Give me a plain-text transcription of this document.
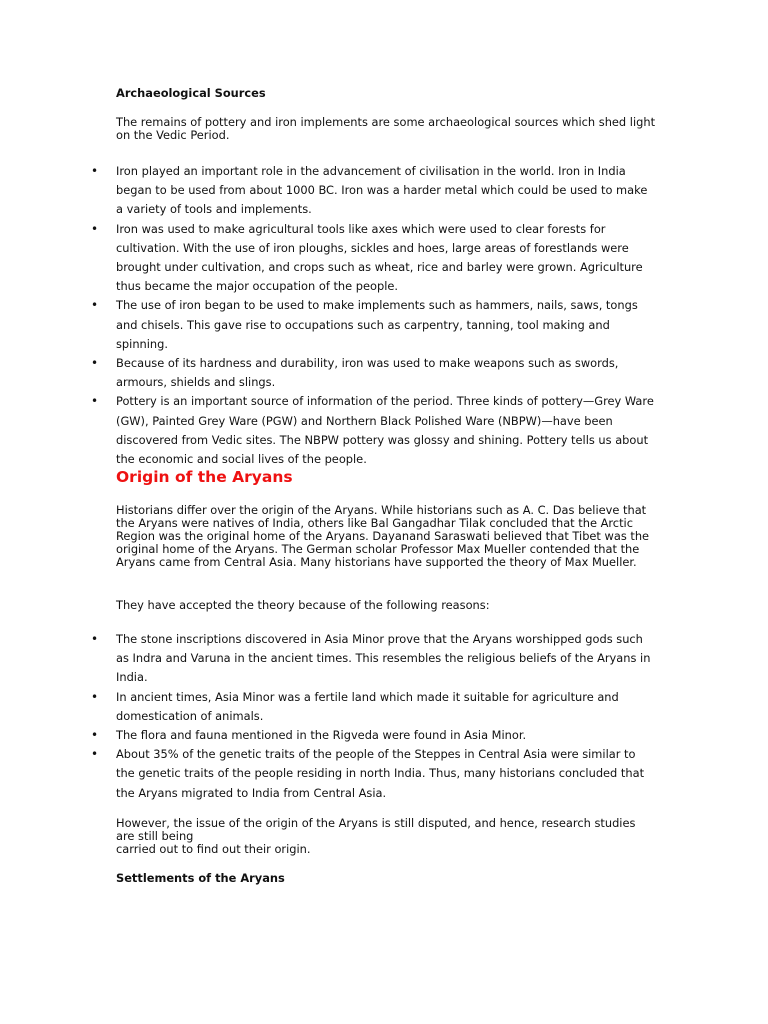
Archaeological Sources
The remains of pottery and iron implements are some archaeological sources which shed light on the Vedic Period.
• Iron played an important role in the advancement of civilisation in the world. Iron in India began to be used from about 1000 BC. Iron was a harder metal which could be used to make a variety of tools and implements.
• Iron was used to make agricultural tools like axes which were used to clear forests for cultivation. With the use of iron ploughs, sickles and hoes, large areas of forestlands were brought under cultivation, and crops such as wheat, rice and barley were grown. Agriculture thus became the major occupation of the people.
• The use of iron began to be used to make implements such as hammers, nails, saws, tongs and chisels. This gave rise to occupations such as carpentry, tanning, tool making and spinning.
• Because of its hardness and durability, iron was used to make weapons such as swords, armours, shields and slings.
• Pottery is an important source of information of the period. Three kinds of pottery—Grey Ware (GW), Painted Grey Ware (PGW) and Northern Black Polished Ware (NBPW)—have been discovered from Vedic sites. The NBPW pottery was glossy and shining. Pottery tells us about the economic and social lives of the people.
Origin of the Aryans
Historians differ over the origin of the Aryans. While historians such as A. C. Das believe that the Aryans were natives of India, others like Bal Gangadhar Tilak concluded that the Arctic Region was the original home of the Aryans. Dayanand Saraswati believed that Tibet was the original home of the Aryans. The German scholar Professor Max Mueller contended that the Aryans came from Central Asia. Many historians have supported the theory of Max Mueller.
They have accepted the theory because of the following reasons:
• The stone inscriptions discovered in Asia Minor prove that the Aryans worshipped gods such as Indra and Varuna in the ancient times. This resembles the religious beliefs of the Aryans in India.
• In ancient times, Asia Minor was a fertile land which made it suitable for agriculture and domestication of animals.
• The flora and fauna mentioned in the Rigveda were found in Asia Minor.
• About 35% of the genetic traits of the people of the Steppes in Central Asia were similar to the genetic traits of the people residing in north India. Thus, many historians concluded that the Aryans migrated to India from Central Asia.
However, the issue of the origin of the Aryans is still disputed, and hence, research studies are still being
carried out to find out their origin.
Settlements of the Aryans
